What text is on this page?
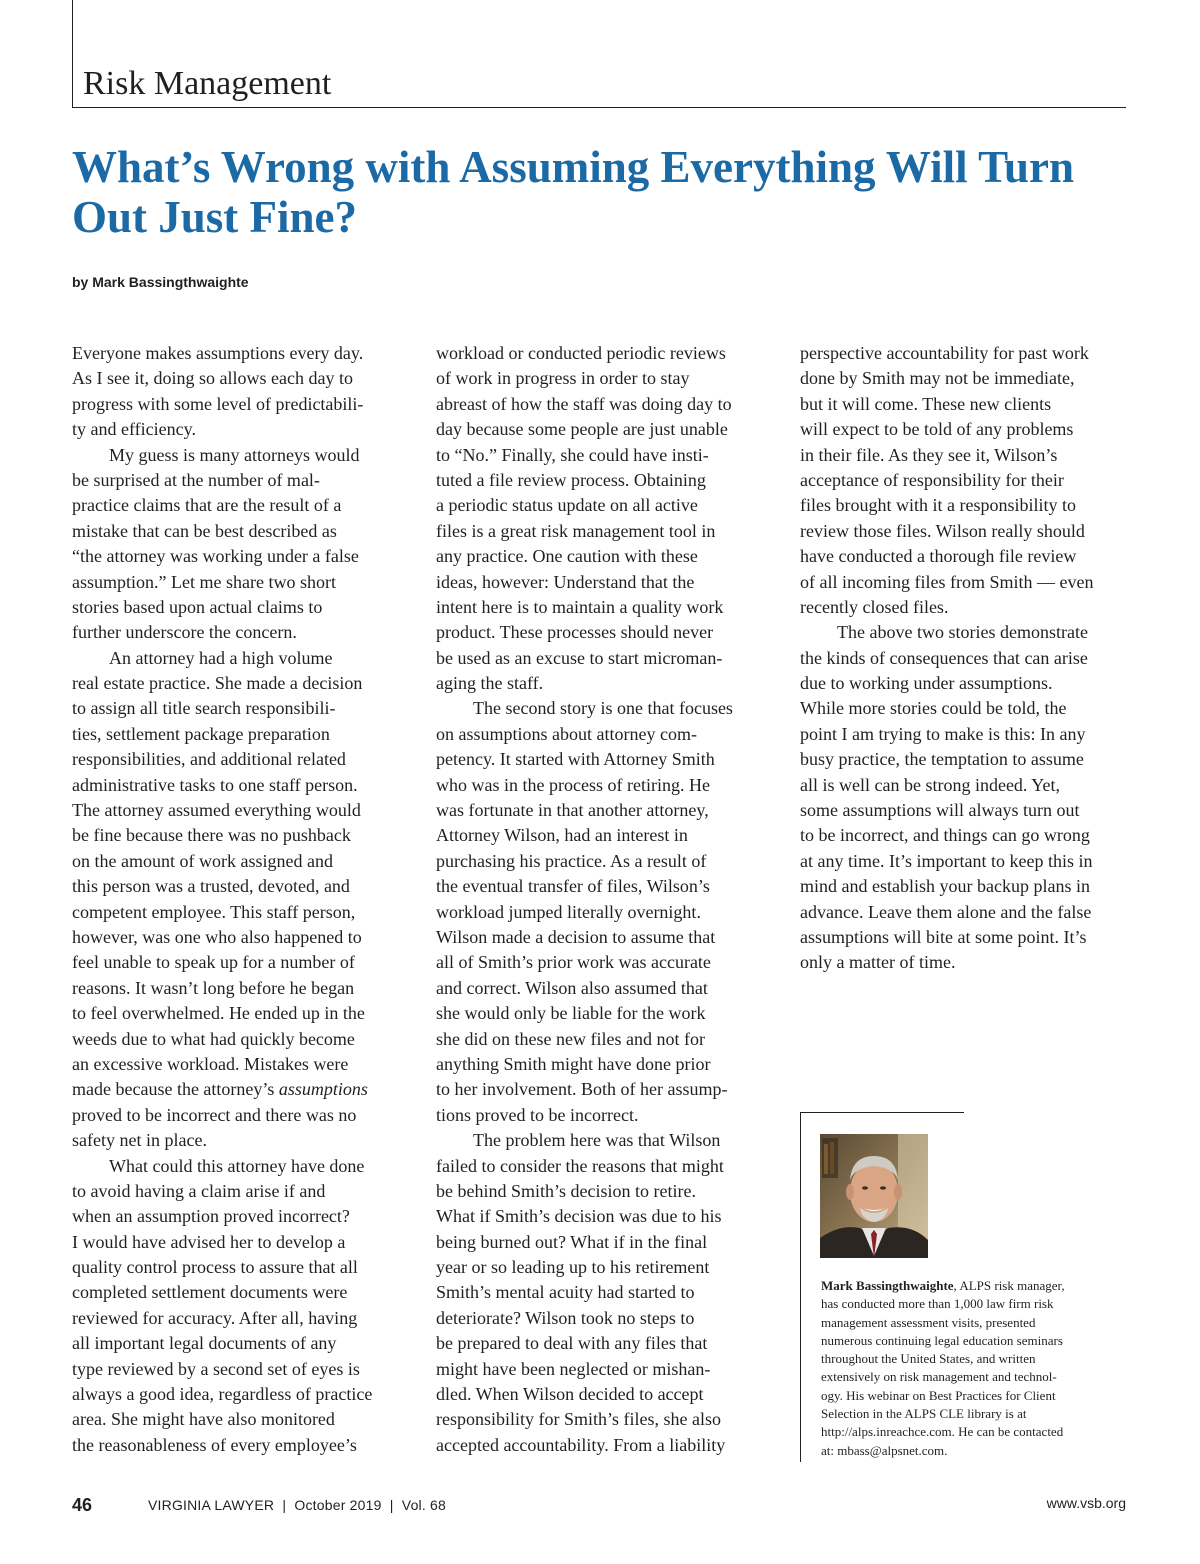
Risk Management
What’s Wrong with Assuming Everything Will Turn
Out Just Fine?
by Mark Bassingthwaighte
Everyone makes assumptions every day.
As I see it, doing so allows each day to
progress with some level of predictabili-
ty and efficiency.
My guess is many attorneys would
be surprised at the number of mal-
practice claims that are the result of a
mistake that can be best described as
“the attorney was working under a false
assumption.” Let me share two short
stories based upon actual claims to
further underscore the concern.
An attorney had a high volume
real estate practice. She made a decision
to assign all title search responsibili-
ties, settlement package preparation
responsibilities, and additional related
administrative tasks to one staff person.
The attorney assumed everything would
be fine because there was no pushback
on the amount of work assigned and
this person was a trusted, devoted, and
competent employee. This staff person,
however, was one who also happened to
feel unable to speak up for a number of
reasons. It wasn’t long before he began
to feel overwhelmed. He ended up in the
weeds due to what had quickly become
an excessive workload. Mistakes were
made because the attorney’s assumptions
proved to be incorrect and there was no
safety net in place.
What could this attorney have done
to avoid having a claim arise if and
when an assumption proved incorrect?
I would have advised her to develop a
quality control process to assure that all
completed settlement documents were
reviewed for accuracy. After all, having
all important legal documents of any
type reviewed by a second set of eyes is
always a good idea, regardless of practice
area. She might have also monitored
the reasonableness of every employee’s
workload or conducted periodic reviews
of work in progress in order to stay
abreast of how the staff was doing day to
day because some people are just unable
to “No.” Finally, she could have insti-
tuted a file review process. Obtaining
a periodic status update on all active
files is a great risk management tool in
any practice. One caution with these
ideas, however: Understand that the
intent here is to maintain a quality work
product. These processes should never
be used as an excuse to start microman-
aging the staff.
The second story is one that focuses
on assumptions about attorney com-
petency. It started with Attorney Smith
who was in the process of retiring. He
was fortunate in that another attorney,
Attorney Wilson, had an interest in
purchasing his practice. As a result of
the eventual transfer of files, Wilson’s
workload jumped literally overnight.
Wilson made a decision to assume that
all of Smith’s prior work was accurate
and correct. Wilson also assumed that
she would only be liable for the work
she did on these new files and not for
anything Smith might have done prior
to her involvement. Both of her assump-
tions proved to be incorrect.
The problem here was that Wilson
failed to consider the reasons that might
be behind Smith’s decision to retire.
What if Smith’s decision was due to his
being burned out? What if in the final
year or so leading up to his retirement
Smith’s mental acuity had started to
deteriorate? Wilson took no steps to
be prepared to deal with any files that
might have been neglected or mishan-
dled. When Wilson decided to accept
responsibility for Smith’s files, she also
accepted accountability. From a liability
perspective accountability for past work
done by Smith may not be immediate,
but it will come. These new clients
will expect to be told of any problems
in their file. As they see it, Wilson’s
acceptance of responsibility for their
files brought with it a responsibility to
review those files. Wilson really should
have conducted a thorough file review
of all incoming files from Smith — even
recently closed files.
The above two stories demonstrate
the kinds of consequences that can arise
due to working under assumptions.
While more stories could be told, the
point I am trying to make is this: In any
busy practice, the temptation to assume
all is well can be strong indeed. Yet,
some assumptions will always turn out
to be incorrect, and things can go wrong
at any time. It’s important to keep this in
mind and establish your backup plans in
advance. Leave them alone and the false
assumptions will bite at some point. It’s
only a matter of time.
Mark Bassingthwaighte, ALPS risk manager,
has conducted more than 1,000 law firm risk
management assessment visits, presented
numerous continuing legal education seminars
throughout the United States, and written
extensively on risk management and technol-
ogy. His webinar on Best Practices for Client
Selection in the ALPS CLE library is at
http://alps.inreachce.com. He can be contacted
at: mbass@alpsnet.com.
46	VIRGINIA LAWYER  |  October 2019  |  Vol. 68	www.vsb.org
